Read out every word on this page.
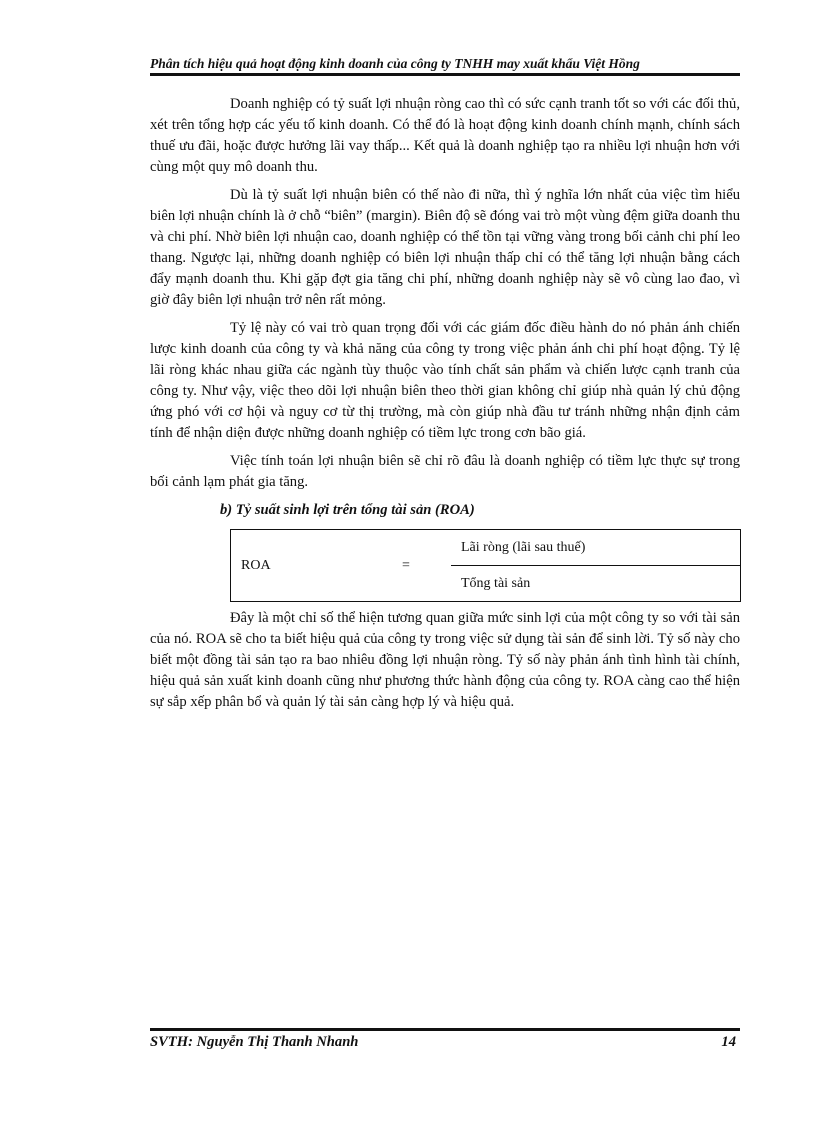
Phân tích hiệu quả hoạt động kinh doanh của công ty TNHH may xuất khẩu Việt Hồng

Doanh nghiệp có tỷ suất lợi nhuận ròng cao thì có sức cạnh tranh tốt so với các đối thủ, xét trên tổng hợp các yếu tố kinh doanh. Có thể đó là hoạt động kinh doanh chính mạnh, chính sách thuế ưu đãi, hoặc được hưởng lãi vay thấp... Kết quả là doanh nghiệp tạo ra nhiều lợi nhuận hơn với cùng một quy mô doanh thu.

Dù là tỷ suất lợi nhuận biên có thế nào đi nữa, thì ý nghĩa lớn nhất của việc tìm hiểu biên lợi nhuận chính là ở chỗ “biên” (margin). Biên độ sẽ đóng vai trò một vùng đệm giữa doanh thu và chi phí. Nhờ biên lợi nhuận cao, doanh nghiệp có thể tồn tại vững vàng trong bối cảnh chi phí leo thang. Ngược lại, những doanh nghiệp có biên lợi nhuận thấp chỉ có thể tăng lợi nhuận bằng cách đẩy mạnh doanh thu. Khi gặp đợt gia tăng chi phí, những doanh nghiệp này sẽ vô cùng lao đao, vì giờ đây biên lợi nhuận trở nên rất mỏng.

Tỷ lệ này có vai trò quan trọng đối với các giám đốc điều hành do nó phản ánh chiến lược kinh doanh của công ty và khả năng của công ty trong việc phản ánh chi phí hoạt động. Tỷ lệ lãi ròng khác nhau giữa các ngành tùy thuộc vào tính chất sản phẩm và chiến lược cạnh tranh của công ty. Như vậy, việc theo dõi lợi nhuận biên theo thời gian không chỉ giúp nhà quản lý chủ động ứng phó với cơ hội và nguy cơ từ thị trường, mà còn giúp nhà đầu tư tránh những nhận định cảm tính để nhận diện được những doanh nghiệp có tiềm lực trong cơn bão giá.

Việc tính toán lợi nhuận biên sẽ chỉ rõ đâu là doanh nghiệp có tiềm lực thực sự trong bối cảnh lạm phát gia tăng.

b) Tỷ suất sinh lợi trên tổng tài sản (ROA)
ROA	=	Lãi ròng (lãi sau thuế)
Tổng tài sản

Đây là một chỉ số thể hiện tương quan giữa mức sinh lợi của một công ty so với tài sản của nó. ROA sẽ cho ta biết hiệu quả của công ty trong việc sử dụng tài sản để sinh lời. Tỷ số này cho biết một đồng tài sản tạo ra bao nhiêu đồng lợi nhuận ròng. Tỷ số này phản ánh tình hình tài chính, hiệu quả sản xuất kinh doanh cũng như phương thức hành động của công ty. ROA càng cao thể hiện sự sắp xếp phân bổ và quản lý tài sản càng hợp lý và hiệu quả.

SVTH: Nguyễn Thị Thanh Nhanh	14
